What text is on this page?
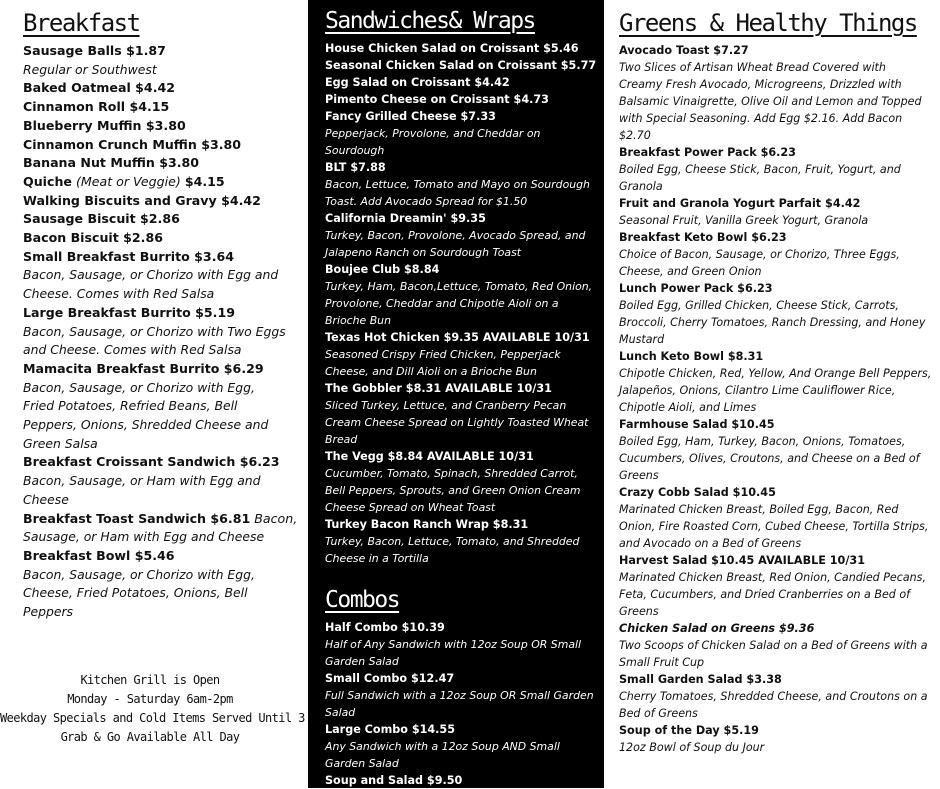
Breakfast
Sausage Balls $1.87
Regular or Southwest
Baked Oatmeal $4.42
Cinnamon Roll $4.15
Blueberry Muffin $3.80
Cinnamon Crunch Muffin $3.80
Banana Nut Muffin $3.80
Quiche (Meat or Veggie) $4.15
Walking Biscuits and Gravy $4.42
Sausage Biscuit $2.86
Bacon Biscuit $2.86
Small Breakfast Burrito $3.64
Bacon, Sausage, or Chorizo with Egg and Cheese. Comes with Red Salsa
Large Breakfast Burrito $5.19
Bacon, Sausage, or Chorizo with Two Eggs and Cheese. Comes with Red Salsa
Mamacita Breakfast Burrito $6.29
Bacon, Sausage, or Chorizo with Egg, Fried Potatoes, Refried Beans, Bell Peppers, Onions, Shredded Cheese and Green Salsa
Breakfast Croissant Sandwich $6.23
Bacon, Sausage, or Ham with Egg and Cheese
Breakfast Toast Sandwich $6.81 Bacon,
Sausage, or Ham with Egg and Cheese
Breakfast Bowl $5.46
Bacon, Sausage, or Chorizo with Egg, Cheese, Fried Potatoes, Onions, Bell Peppers
Kitchen Grill is Open
Monday - Saturday 6am-2pm
Weekday Specials and Cold Items Served Until 3
Grab & Go Available All Day
Sandwiches& Wraps
House Chicken Salad on Croissant $5.46
Seasonal Chicken Salad on Croissant $5.77
Egg Salad on Croissant $4.42
Pimento Cheese on Croissant $4.73
Fancy Grilled Cheese $7.33
Pepperjack, Provolone, and Cheddar on Sourdough
BLT $7.88
Bacon, Lettuce, Tomato and Mayo on Sourdough Toast. Add Avocado Spread for $1.50
California Dreamin' $9.35
Turkey, Bacon, Provolone, Avocado Spread, and Jalapeno Ranch on Sourdough Toast
Boujee Club $8.84
Turkey, Ham, Bacon,Lettuce, Tomato, Red Onion, Provolone, Cheddar and Chipotle Aioli on a Brioche Bun
Texas Hot Chicken $9.35 AVAILABLE 10/31
Seasoned Crispy Fried Chicken, Pepperjack Cheese, and Dill Aioli on a Brioche Bun
The Gobbler $8.31 AVAILABLE 10/31
Sliced Turkey, Lettuce, and Cranberry Pecan Cream Cheese Spread on Lightly Toasted Wheat Bread
The Vegg $8.84 AVAILABLE 10/31
Cucumber, Tomato, Spinach, Shredded Carrot, Bell Peppers, Sprouts, and Green Onion Cream Cheese Spread on Wheat Toast
Turkey Bacon Ranch Wrap $8.31
Turkey, Bacon, Lettuce, Tomato, and Shredded Cheese in a Tortilla
Combos
Half Combo $10.39
Half of Any Sandwich with 12oz Soup OR Small Garden Salad
Small Combo $12.47
Full Sandwich with a 12oz Soup OR Small Garden Salad
Large Combo $14.55
Any Sandwich with a 12oz Soup AND Small Garden Salad
Soup and Salad $9.50
Greens & Healthy Things
Avocado Toast $7.27
Two Slices of Artisan Wheat Bread Covered with Creamy Fresh Avocado, Microgreens, Drizzled with Balsamic Vinaigrette, Olive Oil and Lemon and Topped with Special Seasoning. Add Egg $2.16. Add Bacon $2.70
Breakfast Power Pack $6.23
Boiled Egg, Cheese Stick, Bacon, Fruit, Yogurt, and Granola
Fruit and Granola Yogurt Parfait $4.42
Seasonal Fruit, Vanilla Greek Yogurt, Granola
Breakfast Keto Bowl $6.23
Choice of Bacon, Sausage, or Chorizo, Three Eggs, Cheese, and Green Onion
Lunch Power Pack $6.23
Boiled Egg, Grilled Chicken, Cheese Stick, Carrots, Broccoli, Cherry Tomatoes, Ranch Dressing, and Honey Mustard
Lunch Keto Bowl $8.31
Chipotle Chicken, Red, Yellow, And Orange Bell Peppers, Jalapeños, Onions, Cilantro Lime Cauliflower Rice, Chipotle Aioli, and Limes
Farmhouse Salad $10.45
Boiled Egg, Ham, Turkey, Bacon, Onions, Tomatoes, Cucumbers, Olives, Croutons, and Cheese on a Bed of Greens
Crazy Cobb Salad $10.45
Marinated Chicken Breast, Boiled Egg, Bacon, Red Onion, Fire Roasted Corn, Cubed Cheese, Tortilla Strips, and Avocado on a Bed of Greens
Harvest Salad $10.45 AVAILABLE 10/31
Marinated Chicken Breast, Red Onion, Candied Pecans, Feta, Cucumbers, and Dried Cranberries on a Bed of Greens
Chicken Salad on Greens $9.36
Two Scoops of Chicken Salad on a Bed of Greens with a Small Fruit Cup
Small Garden Salad $3.38
Cherry Tomatoes, Shredded Cheese, and Croutons on a Bed of Greens
Soup of the Day $5.19
12oz Bowl of Soup du Jour
